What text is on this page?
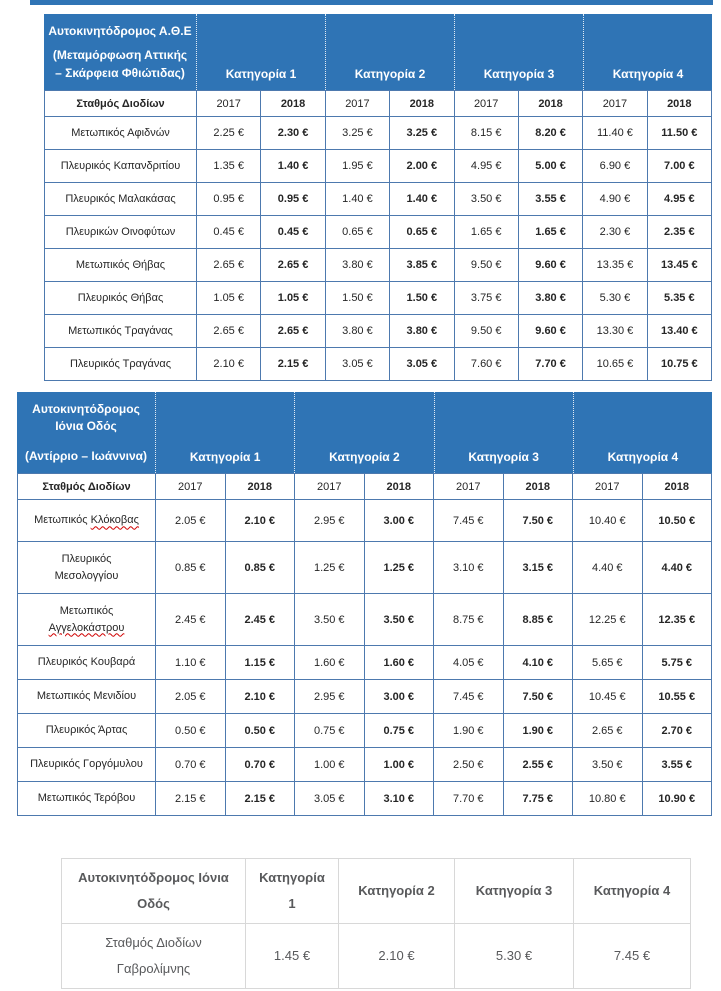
Αυτοκινητόδρομος Α.Θ.Ε
(Μεταμόρφωση Αττικής – Σκάρφεια Φθιώτιδας)	Κατηγορία 1	Κατηγορία 2	Κατηγορία 3	Κατηγορία 4
Σταθμός Διοδίων	2017	2018	2017	2018	2017	2018	2017	2018
Μετωπικός Αφιδνών	2.25 €	2.30 €	3.25 €	3.25 €	8.15 €	8.20 €	11.40 €	11.50 €
Πλευρικός Καπανδριτίου	1.35 €	1.40 €	1.95 €	2.00 €	4.95 €	5.00 €	6.90 €	7.00 €
Πλευρικός Μαλακάσας	0.95 €	0.95 €	1.40 €	1.40 €	3.50 €	3.55 €	4.90 €	4.95 €
Πλευρικών Οινοφύτων	0.45 €	0.45 €	0.65 €	0.65 €	1.65 €	1.65 €	2.30 €	2.35 €
Μετωπικός Θήβας	2.65 €	2.65 €	3.80 €	3.85 €	9.50 €	9.60 €	13.35 €	13.45 €
Πλευρικός Θήβας	1.05 €	1.05 €	1.50 €	1.50 €	3.75 €	3.80 €	5.30 €	5.35 €
Μετωπικός Τραγάνας	2.65 €	2.65 €	3.80 €	3.80 €	9.50 €	9.60 €	13.30 €	13.40 €
Πλευρικός Τραγάνας	2.10 €	2.15 €	3.05 €	3.05 €	7.60 €	7.70 €	10.65 €	10.75 €
Αυτοκινητόδρομος
Ιόνια Οδός
(Αντίρριο – Ιωάννινα)	Κατηγορία 1	Κατηγορία 2	Κατηγορία 3	Κατηγορία 4
Σταθμός Διοδίων	2017	2018	2017	2018	2017	2018	2017	2018
Μετωπικός Κλόκοβας	2.05 €	2.10 €	2.95 €	3.00 €	7.45 €	7.50 €	10.40 €	10.50 €
Πλευρικός
Μεσολογγίου	0.85 €	0.85 €	1.25 €	1.25 €	3.10 €	3.15 €	4.40 €	4.40 €
Μετωπικός
Αγγελοκάστρου	2.45 €	2.45 €	3.50 €	3.50 €	8.75 €	8.85 €	12.25 €	12.35 €
Πλευρικός Κουβαρά	1.10 €	1.15 €	1.60 €	1.60 €	4.05 €	4.10 €	5.65 €	5.75 €
Μετωπικός Μενιδίου	2.05 €	2.10 €	2.95 €	3.00 €	7.45 €	7.50 €	10.45 €	10.55 €
Πλευρικός Άρτας	0.50 €	0.50 €	0.75 €	0.75 €	1.90 €	1.90 €	2.65 €	2.70 €
Πλευρικός Γοργόμυλου	0.70 €	0.70 €	1.00 €	1.00 €	2.50 €	2.55 €	3.50 €	3.55 €
Μετωπικός Τερόβου	2.15 €	2.15 €	3.05 €	3.10 €	7.70 €	7.75 €	10.80 €	10.90 €
Αυτοκινητόδρομος Ιόνια
Οδός	Κατηγορία
1	Κατηγορία 2	Κατηγορία 3	Κατηγορία 4
Σταθμός Διοδίων
Γαβρολίμνης	1.45 €	2.10 €	5.30 €	7.45 €
